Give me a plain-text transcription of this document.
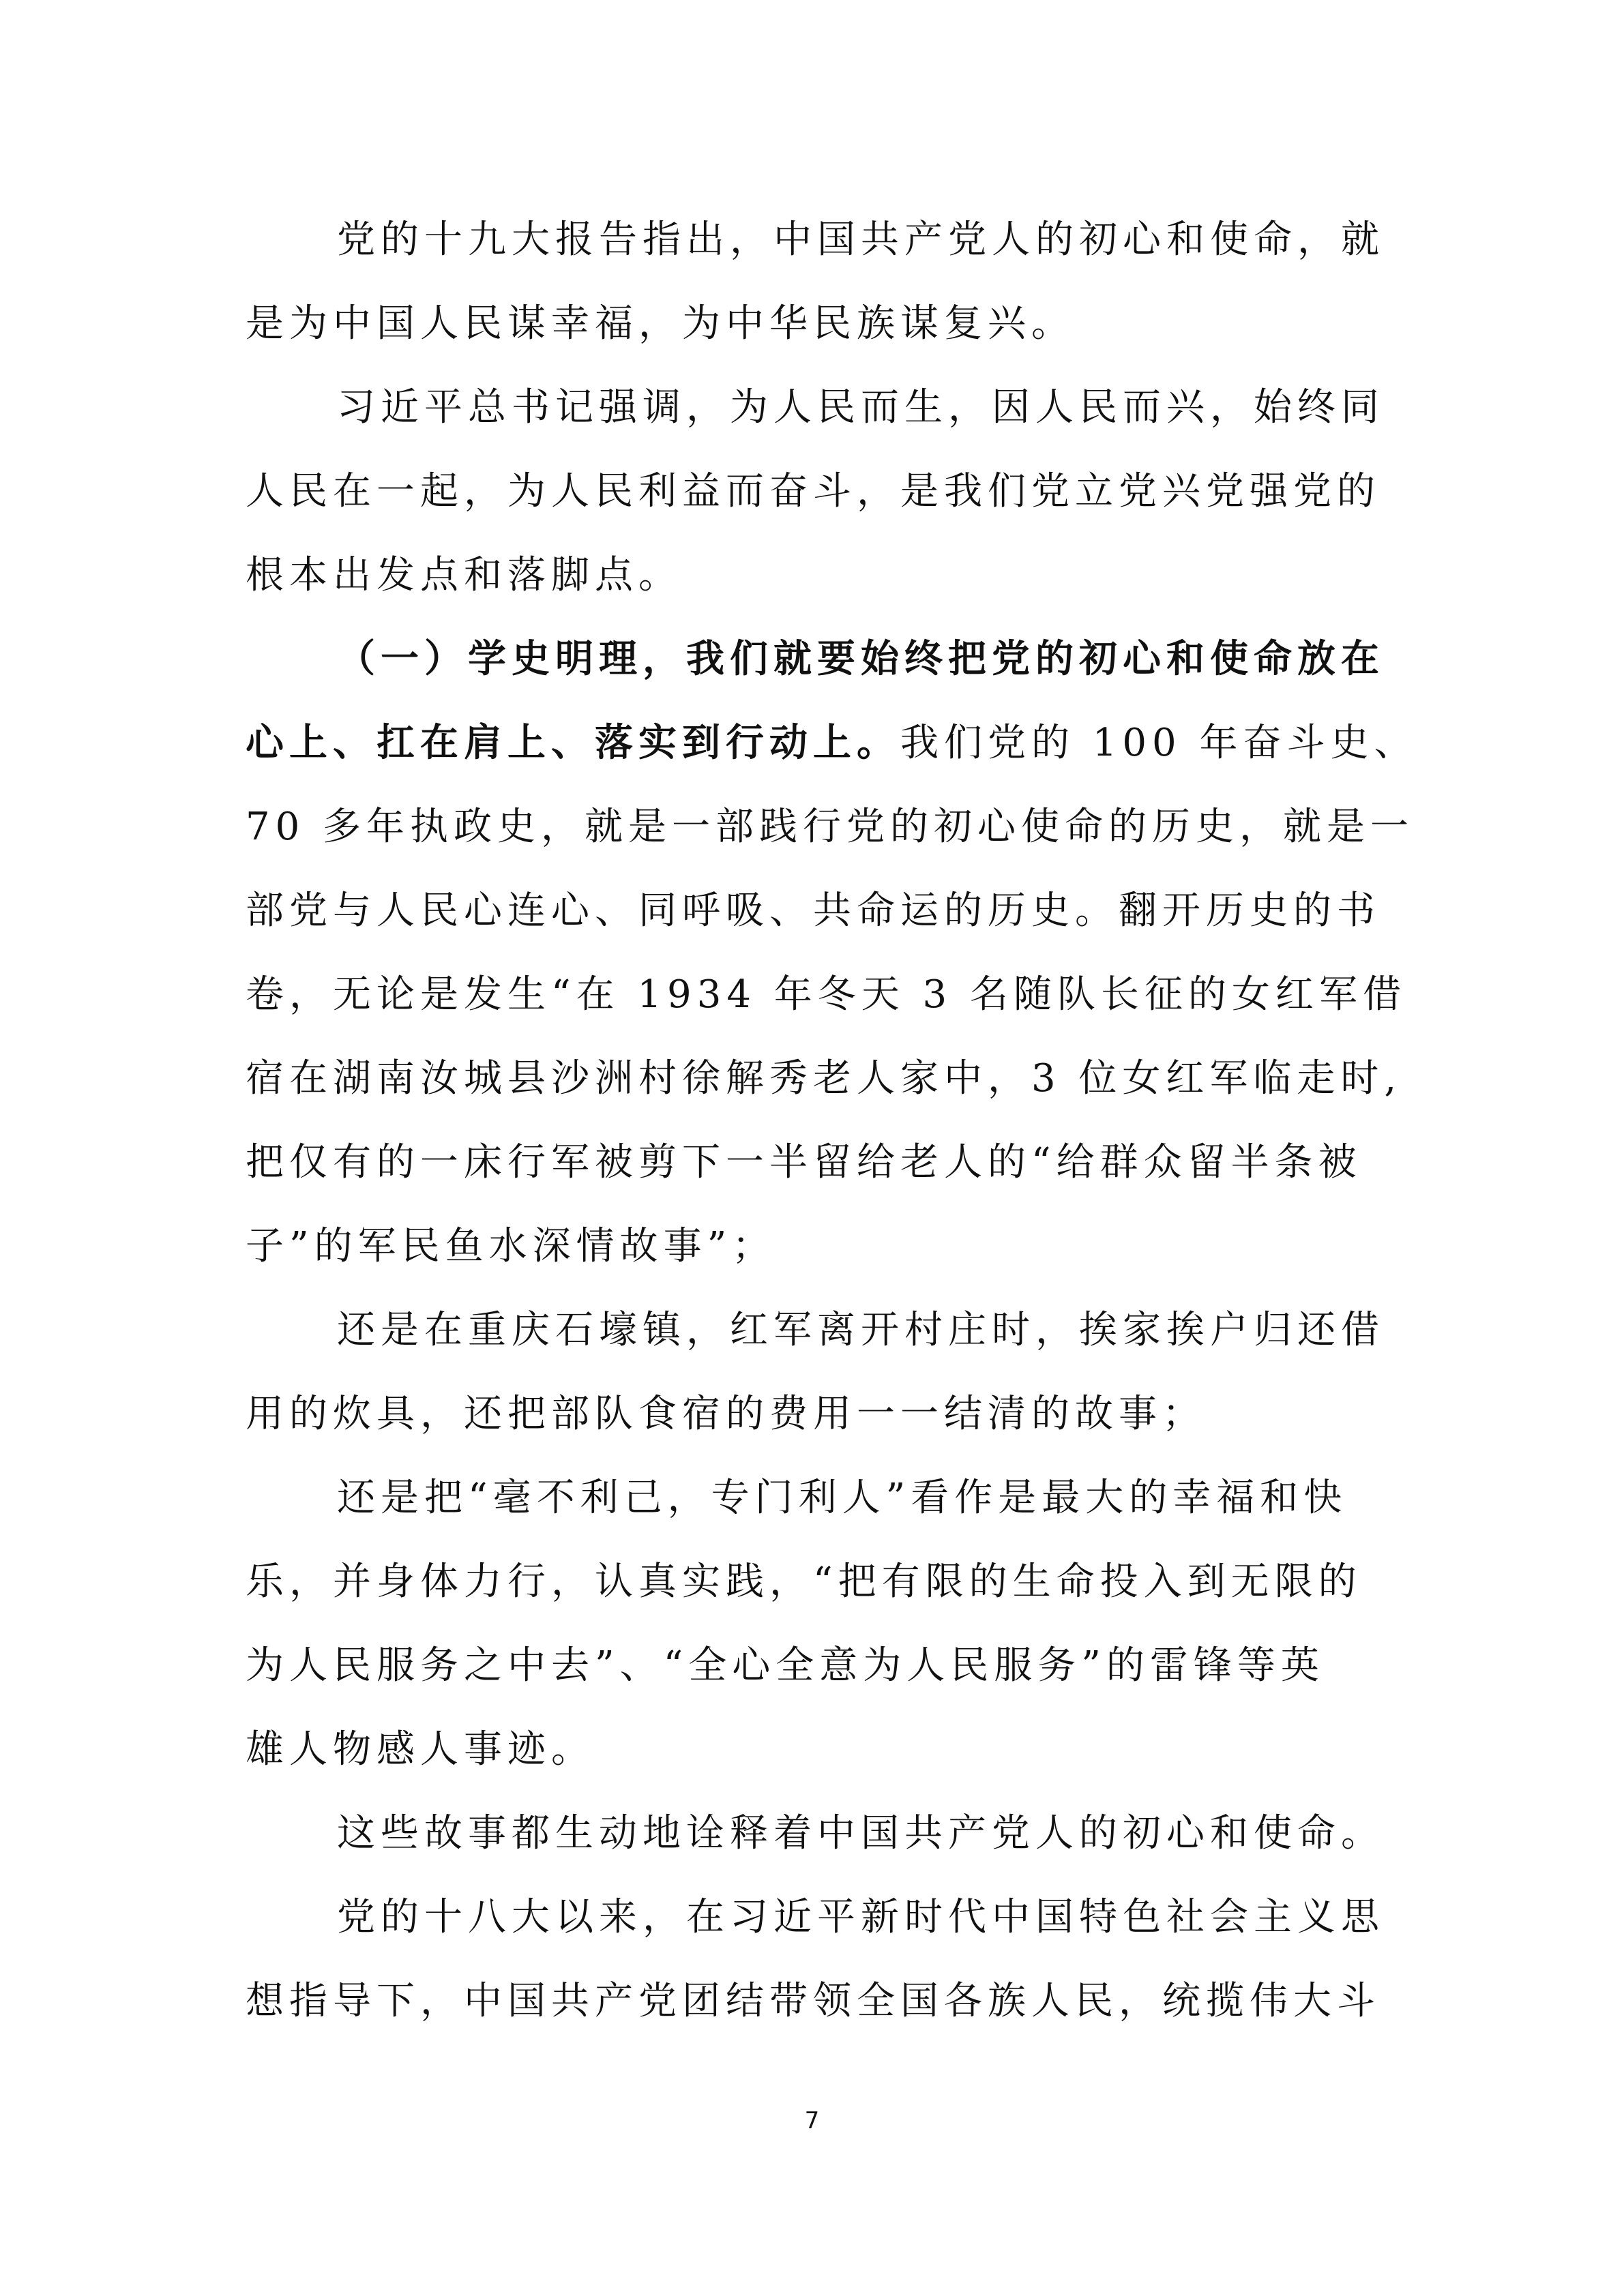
党的十九大报告指出，中国共产党人的初心和使命，就
是为中国人民谋幸福，为中华民族谋复兴。
习近平总书记强调，为人民而生，因人民而兴，始终同
人民在一起，为人民利益而奋斗，是我们党立党兴党强党的
根本出发点和落脚点。
（一）学史明理，我们就要始终把党的初心和使命放在
心上、扛在肩上、落实到行动上。我们党的 100 年奋斗史、
70 多年执政史，就是一部践行党的初心使命的历史，就是一
部党与人民心连心、同呼吸、共命运的历史。翻开历史的书
卷，无论是发生“在 1934 年冬天 3 名随队长征的女红军借
宿在湖南汝城县沙洲村徐解秀老人家中，3 位女红军临走时,
把仅有的一床行军被剪下一半留给老人的“给群众留半条被
子”的军民鱼水深情故事”；
还是在重庆石壕镇，红军离开村庄时，挨家挨户归还借
用的炊具，还把部队食宿的费用一一结清的故事；
还是把“毫不利己，专门利人”看作是最大的幸福和快
乐，并身体力行，认真实践，“把有限的生命投入到无限的
为人民服务之中去”、“全心全意为人民服务”的雷锋等英
雄人物感人事迹。
这些故事都生动地诠释着中国共产党人的初心和使命。
党的十八大以来，在习近平新时代中国特色社会主义思
想指导下，中国共产党团结带领全国各族人民，统揽伟大斗
7
